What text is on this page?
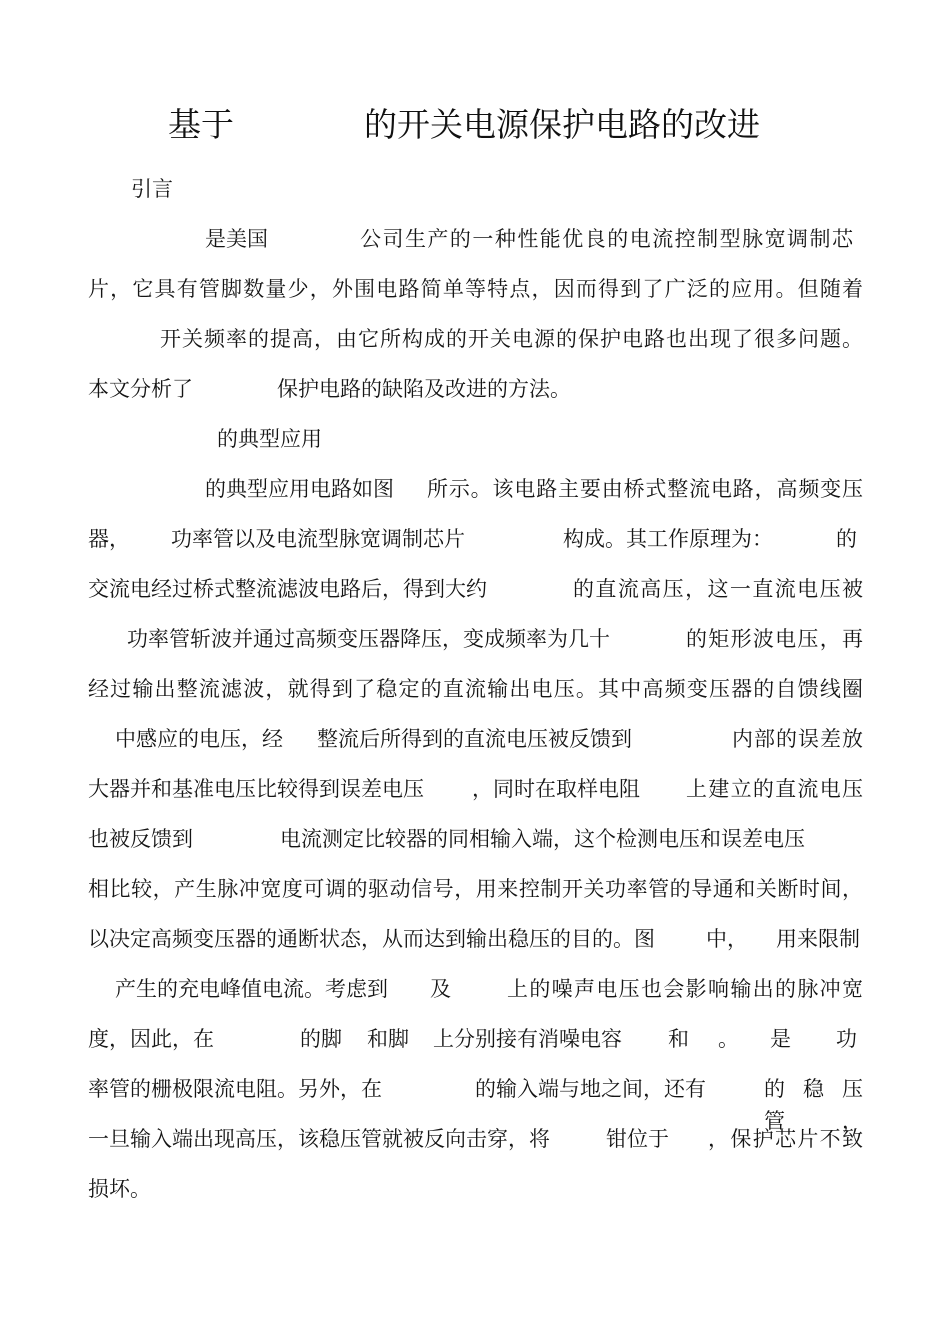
基于	的开关电源保护电路的改进
引言
是美国	公司生产的一种性能优良的电流控制型脉宽调制芯
片，它具有管脚数量少，外围电路简单等特点，因而得到了广泛的应用。但随着
开关频率的提高，由它所构成的开关电源的保护电路也出现了很多问题。
本文分析了	保护电路的缺陷及改进的方法。
的典型应用
的典型应用电路如图 所示。该电路主要由桥式整流电路，高频变压
器， 功率管以及电流型脉宽调制芯片	构成。其工作原理为：	的
交流电经过桥式整流滤波电路后，得到大约	的直流高压，这一直流电压被
功率管斩波并通过高频变压器降压，变成频率为几十	的矩形波电压，再
经过输出整流滤波，就得到了稳定的直流输出电压。其中高频变压器的自馈线圈
中感应的电压，经 整流后所得到的直流电压被反馈到	内部的误差放
大器并和基准电压比较得到误差电压 ，同时在取样电阻 上建立的直流电压
也被反馈到	电流测定比较器的同相输入端，这个检测电压和误差电压
相比较，产生脉冲宽度可调的驱动信号，用来控制开关功率管的导通和关断时间，
以决定高频变压器的通断状态，从而达到输出稳压的目的。图 中， 用来限制
产生的充电峰值电流。考虑到 及	上的噪声电压也会影响输出的脉冲宽
度，因此，在	的脚 和脚 上分别接有消噪电容 和 。 是 功
率管的栅极限流电阻。另外，在	的输入端与地之间，还有	的稳压管，
一旦输入端出现高压，该稳压管就被反向击穿，将	钳位于 ，保护芯片不致
损坏。
